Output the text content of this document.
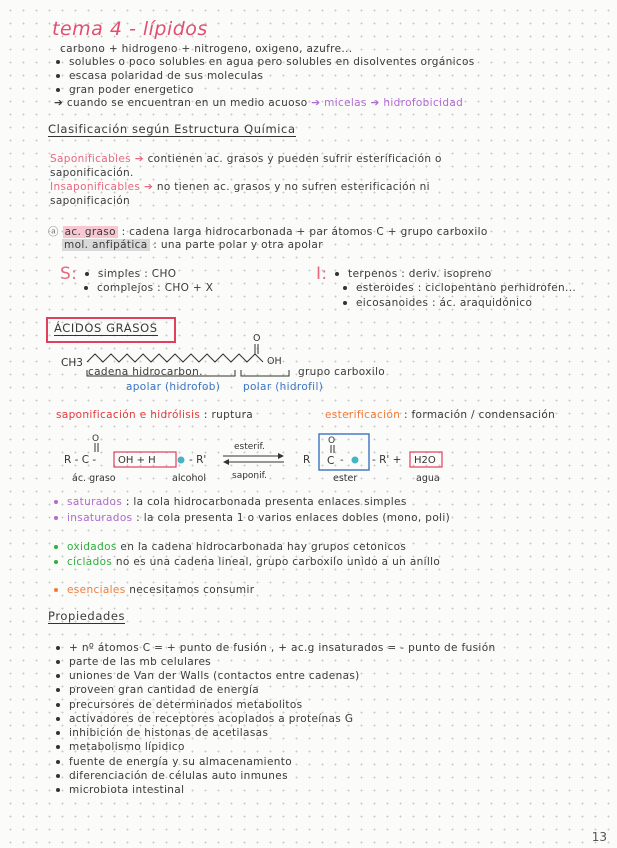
tema 4 - lípidos
carbono + hidrogeno + nitrogeno, oxigeno, azufre...
solubles o poco solubles en agua pero solubles en disolventes orgánicos
escasa polaridad de sus moleculas
gran poder energetico
➔ cuando se encuentran en un medio acuoso ➔ micelas ➔ hidrofobicidad
Clasificación según Estructura Química
Saponificables ➔ contienen ac. grasos y pueden sufrir esterificación o
saponificación.
Insaponificables ➔ no tienen ac. grasos y no sufren esterificación ni
saponificación
ⓐ ac. graso : cadena larga hidrocarbonada + par átomos C + grupo carboxilo
mol. anfipática : una parte polar y otra apolar
S: simples : CHO
complejos : CHO + X
I: terpenos : deriv. isopreno
esteroides : ciclopentano perhidrofen...
eicosanoides : ác. araquidónico
ÁCIDOS GRASOS
CH3
O
OH
cadena hidrocarbon.	grupo carboxilo
apolar (hidrofob) polar (hidrofil)
saponificación e hidrólisis : ruptura	esterificación : formación / condensación
O
R - C - OH + H	- R'
esterif.
saponif.
R
O
C -	- R' + H2O
ác. graso	alcohol	ester	agua
saturados : la cola hidrocarbonada presenta enlaces simples
insaturados : la cola presenta 1 o varios enlaces dobles (mono, poli)
oxidados en la cadena hidrocarbonada hay grupos cetonicos
ciclados no es una cadena lineal, grupo carboxilo unido a un anillo
esenciales necesitamos consumir
Propiedades
+ nº átomos C = + punto de fusión , + ac.g insaturados = - punto de fusión
parte de las mb celulares
uniones de Van der Walls (contactos entre cadenas)
proveen gran cantidad de energía
precursores de determinados metabolitos
activadores de receptores acoplados a proteínas G
inhibición de histonas de acetilasas
metabolismo lípidico
fuente de energía y su almacenamiento
diferenciación de células auto inmunes
microbiota intestinal
13
